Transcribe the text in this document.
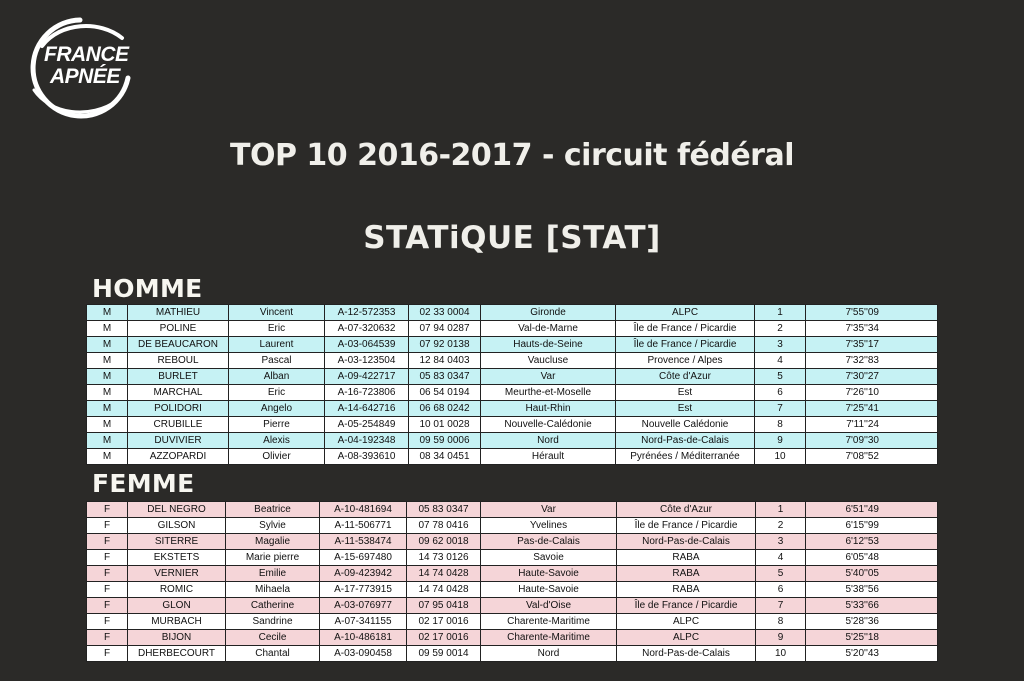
FRANCE
APNÉE
TOP 10 2016-2017 - circuit fédéral
STATiQUE [STAT]
HOMME
M	MATHIEU	Vincent	A-12-572353	02 33 0004	Gironde	ALPC	1	7'55''09
M	POLINE	Eric	A-07-320632	07 94 0287	Val-de-Marne	Île de France / Picardie	2	7'35''34
M	DE BEAUCARON	Laurent	A-03-064539	07 92 0138	Hauts-de-Seine	Île de France / Picardie	3	7'35''17
M	REBOUL	Pascal	A-03-123504	12 84 0403	Vaucluse	Provence / Alpes	4	7'32''83
M	BURLET	Alban	A-09-422717	05 83 0347	Var	Côte d'Azur	5	7'30''27
M	MARCHAL	Eric	A-16-723806	06 54 0194	Meurthe-et-Moselle	Est	6	7'26''10
M	POLIDORI	Angelo	A-14-642716	06 68 0242	Haut-Rhin	Est	7	7'25''41
M	CRUBILLE	Pierre	A-05-254849	10 01 0028	Nouvelle-Calédonie	Nouvelle Calédonie	8	7'11''24
M	DUVIVIER	Alexis	A-04-192348	09 59 0006	Nord	Nord-Pas-de-Calais	9	7'09''30
M	AZZOPARDI	Olivier	A-08-393610	08 34 0451	Hérault	Pyrénées / Méditerranée	10	7'08''52
FEMME
F	DEL NEGRO	Beatrice	A-10-481694	05 83 0347	Var	Côte d'Azur	1	6'51''49
F	GILSON	Sylvie	A-11-506771	07 78 0416	Yvelines	Île de France / Picardie	2	6'15''99
F	SITERRE	Magalie	A-11-538474	09 62 0018	Pas-de-Calais	Nord-Pas-de-Calais	3	6'12''53
F	EKSTETS	Marie pierre	A-15-697480	14 73 0126	Savoie	RABA	4	6'05''48
F	VERNIER	Emilie	A-09-423942	14 74 0428	Haute-Savoie	RABA	5	5'40''05
F	ROMIC	Mihaela	A-17-773915	14 74 0428	Haute-Savoie	RABA	6	5'38''56
F	GLON	Catherine	A-03-076977	07 95 0418	Val-d'Oise	Île de France / Picardie	7	5'33''66
F	MURBACH	Sandrine	A-07-341155	02 17 0016	Charente-Maritime	ALPC	8	5'28''36
F	BIJON	Cecile	A-10-486181	02 17 0016	Charente-Maritime	ALPC	9	5'25''18
F	DHERBECOURT	Chantal	A-03-090458	09 59 0014	Nord	Nord-Pas-de-Calais	10	5'20''43
